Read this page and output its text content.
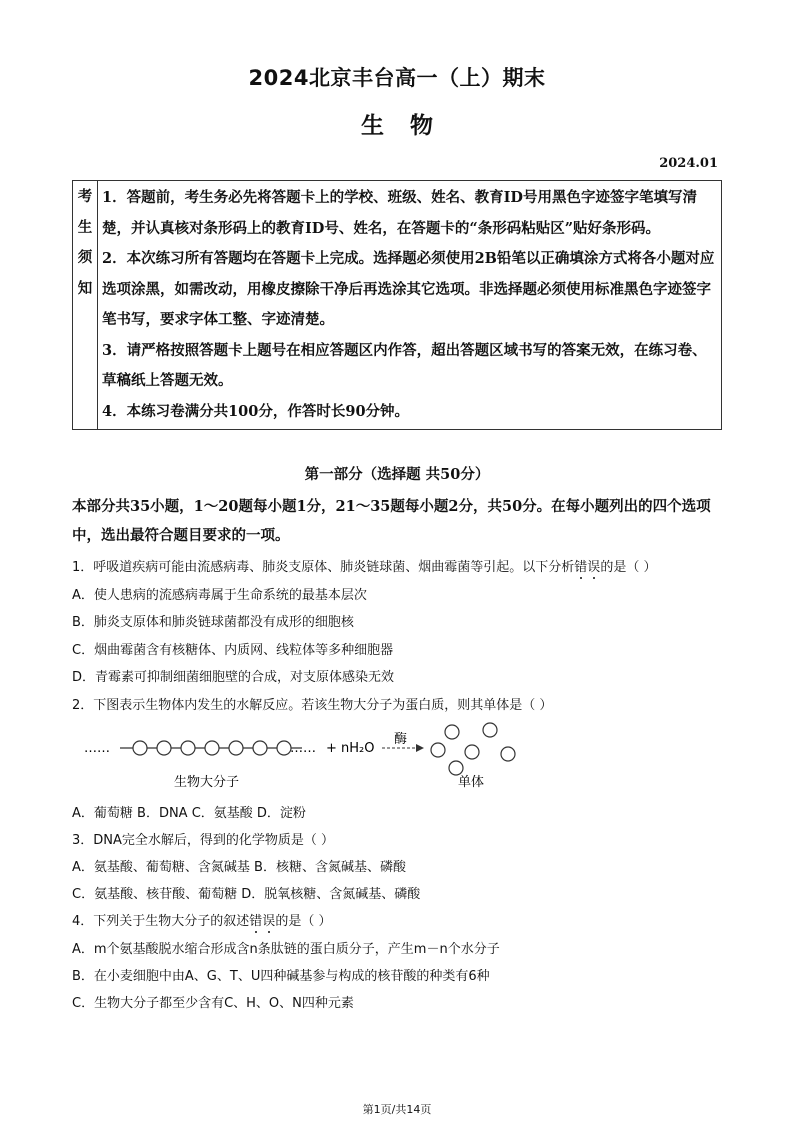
2024北京丰台高一（上）期末
生物
2024.01
考
生
须
知

1．答题前，考生务必先将答题卡上的学校、班级、姓名、教育ID号用黑色字迹签字笔填写清楚，并认真核对条形码上的教育ID号、姓名，在答题卡的“条形码粘贴区”贴好条形码。

2．本次练习所有答题均在答题卡上完成。选择题必须使用2B铅笔以正确填涂方式将各小题对应选项涂黑，如需改动，用橡皮擦除干净后再选涂其它选项。非选择题必须使用标准黑色字迹签字笔书写，要求字体工整、字迹清楚。

3．请严格按照答题卡上题号在相应答题区内作答，超出答题区域书写的答案无效，在练习卷、草稿纸上答题无效。

4．本练习卷满分共100分，作答时长90分钟。

第一部分（选择题 共50分）

本部分共35小题，1～20题每小题1分，21～35题每小题2分，共50分。在每小题列出的四个选项中，选出最符合题目要求的一项。

1．呼吸道疾病可能由流感病毒、肺炎支原体、肺炎链球菌、烟曲霉菌等引起。以下分析错误的是（ ）
A．使人患病的流感病毒属于生命系统的最基本层次
B．肺炎支原体和肺炎链球菌都没有成形的细胞核
C．烟曲霉菌含有核糖体、内质网、线粒体等多种细胞器
D．青霉素可抑制细菌细胞壁的合成，对支原体感染无效
2．下图表示生物体内发生的水解反应。若该生物大分子为蛋白质，则其单体是（ ）
……	…… + nH₂O
酶
生物大分子	单体
A．葡萄糖 B．DNA C．氨基酸 D．淀粉
3．DNA完全水解后，得到的化学物质是（ ）
A．氨基酸、葡萄糖、含氮碱基 B．核糖、含氮碱基、磷酸
C．氨基酸、核苷酸、葡萄糖 D．脱氧核糖、含氮碱基、磷酸
4．下列关于生物大分子的叙述错误的是（ ）
A．m个氨基酸脱水缩合形成含n条肽链的蛋白质分子，产生m－n个水分子
B．在小麦细胞中由A、G、T、U四种碱基参与构成的核苷酸的种类有6种
C．生物大分子都至少含有C、H、O、N四种元素
第1页/共14页
